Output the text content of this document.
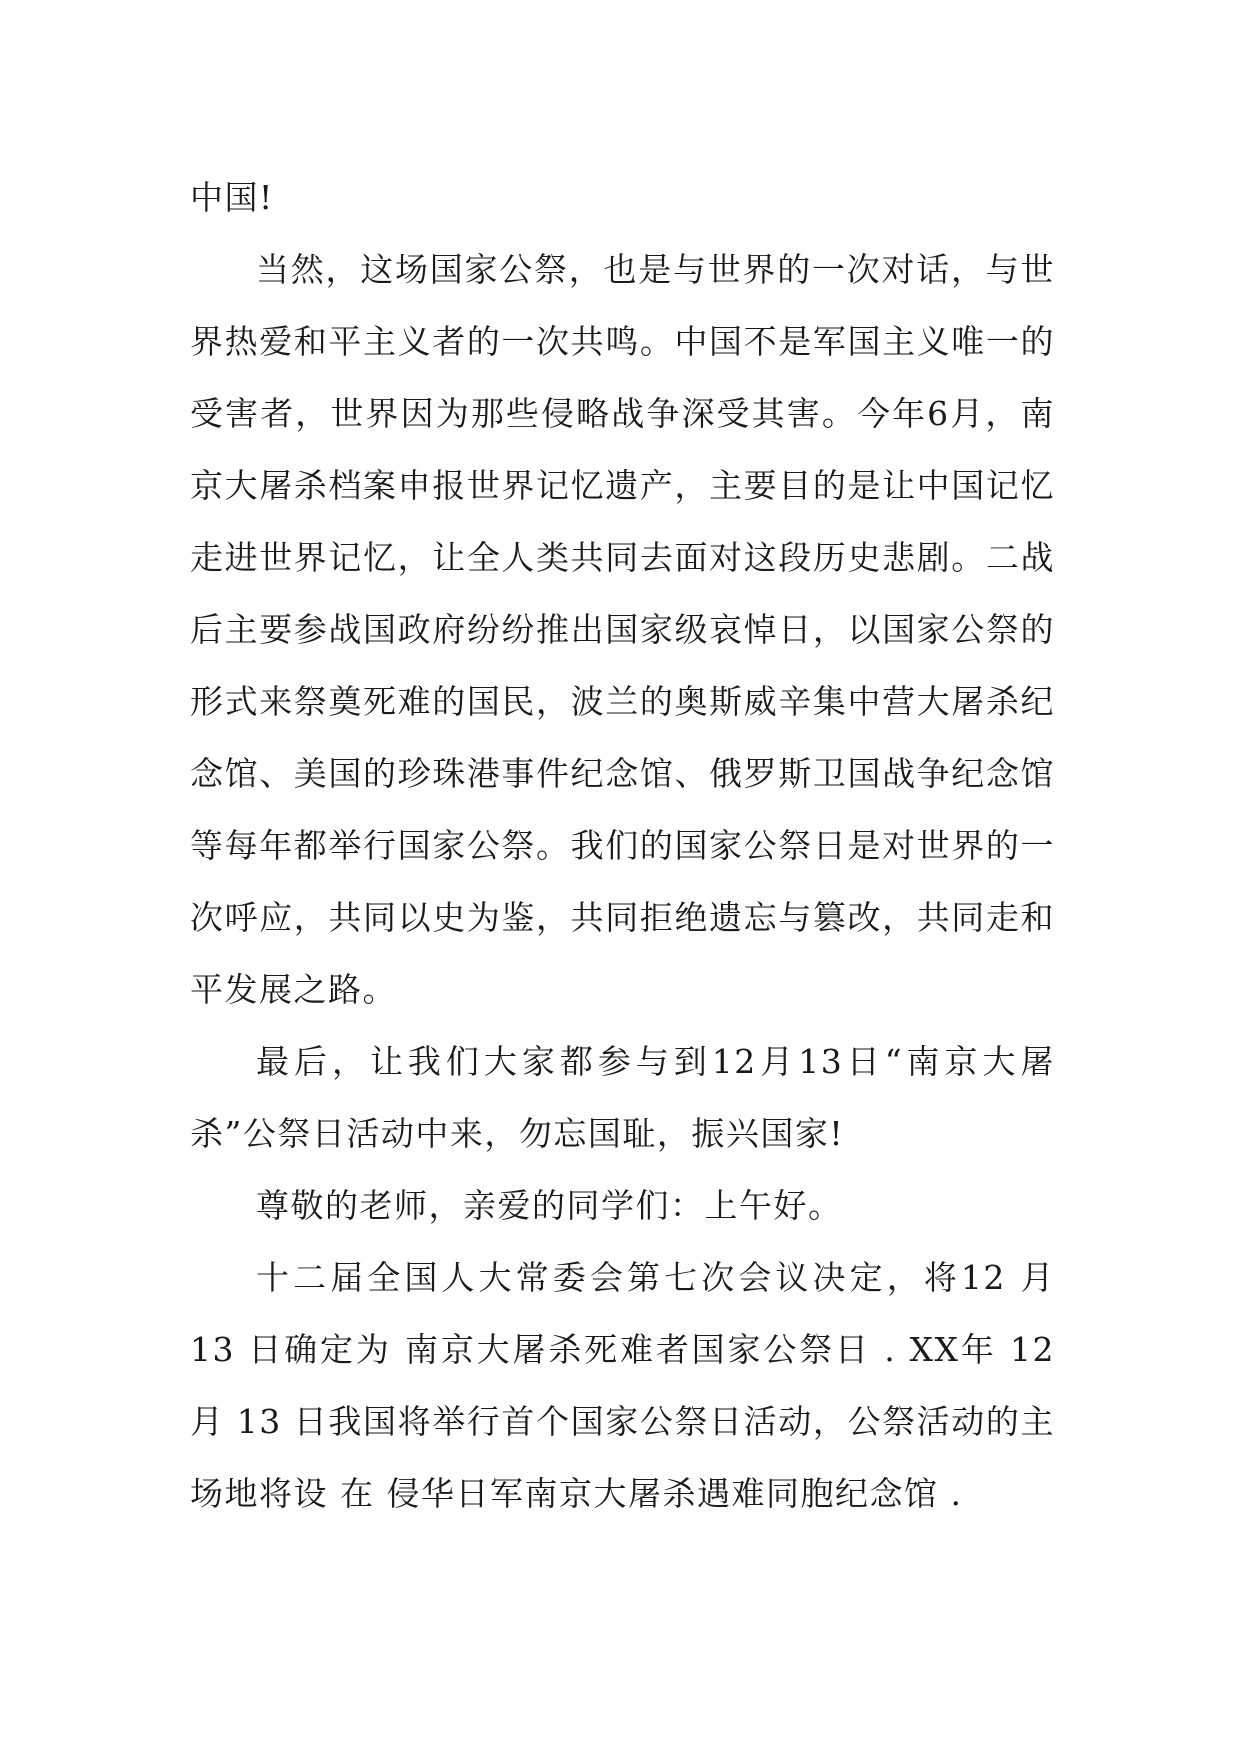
中国!

当然，这场国家公祭，也是与世界的一次对话，与世界热爱和平主义者的一次共鸣。中国不是军国主义唯一的受害者，世界因为那些侵略战争深受其害。今年6月，南京大屠杀档案申报世界记忆遗产，主要目的是让中国记忆走进世界记忆，让全人类共同去面对这段历史悲剧。二战后主要参战国政府纷纷推出国家级哀悼日，以国家公祭的形式来祭奠死难的国民，波兰的奥斯威辛集中营大屠杀纪念馆、美国的珍珠港事件纪念馆、俄罗斯卫国战争纪念馆等每年都举行国家公祭。我们的国家公祭日是对世界的一次呼应，共同以史为鉴，共同拒绝遗忘与篡改，共同走和平发展之路。

最后，让我们大家都参与到12月13日“南京大屠杀”公祭日活动中来，勿忘国耻，振兴国家!

尊敬的老师，亲爱的同学们：上午好。

十二届全国人大常委会第七次会议决定，将12 月 13 日确定为 南京大屠杀死难者国家公祭日 . XX年 12 月 13 日我国将举行首个国家公祭日活动，公祭活动的主场地将设 在 侵华日军南京大屠杀遇难同胞纪念馆 .
